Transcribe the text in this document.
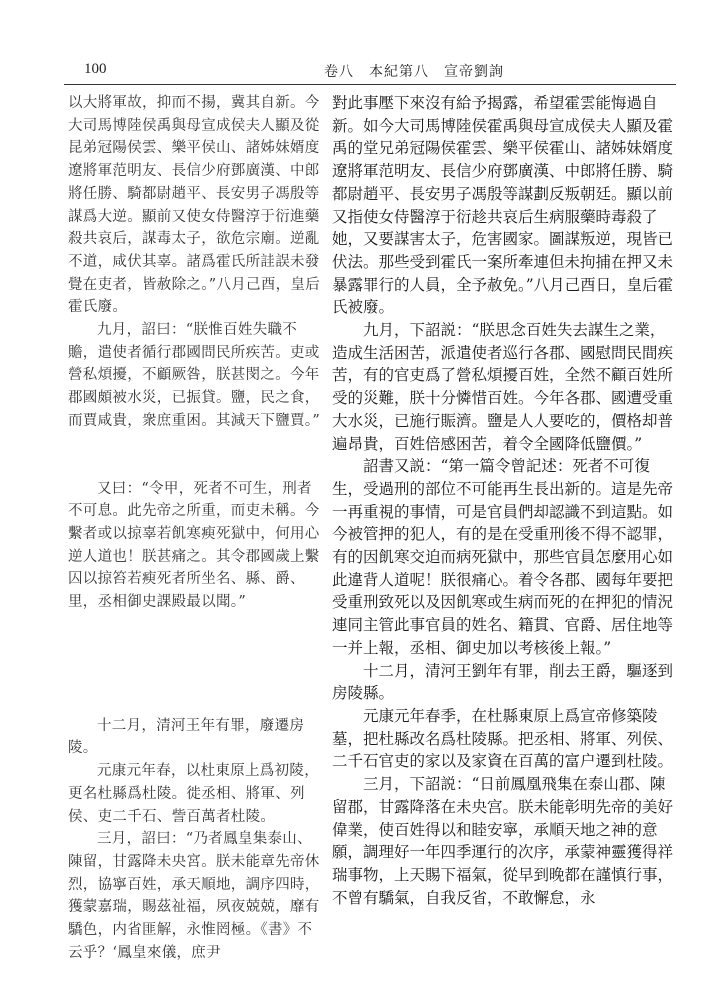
100	卷八　本紀第八　宣帝劉詢

以大將軍故，抑而不揚，冀其自新。今大司馬博陸侯禹與母宣成侯夫人顯及從昆弟冠陽侯雲、樂平侯山、諸姊妹婿度遼將軍范明友、長信少府鄧廣漢、中郎將任勝、騎都尉趙平、長安男子馮殷等謀爲大逆。顯前又使女侍醫淳于衍進藥殺共哀后，謀毒太子，欲危宗廟。逆亂不道，咸伏其辜。諸爲霍氏所詿誤未發覺在吏者，皆赦除之。”八月己酉，皇后霍氏廢。

九月，詔曰：“朕惟百姓失職不贍，遣使者循行郡國問民所疾苦。吏或營私煩擾，不顧厥咎，朕甚閔之。今年郡國頗被水災，已振貸。鹽，民之食，而賈咸貴，衆庶重困。其減天下鹽賈。”

又曰：“令甲，死者不可生，刑者不可息。此先帝之所重，而吏未稱。今繫者或以掠辜若飢寒瘐死獄中，何用心逆人道也！朕甚痛之。其令郡國歲上繫囚以掠笞若瘐死者所坐名、縣、爵、里，丞相御史課殿最以聞。”

十二月，清河王年有罪，廢遷房陵。

元康元年春，以杜東原上爲初陵，更名杜縣爲杜陵。徙丞相、將軍、列侯、吏二千石、訾百萬者杜陵。

三月，詔曰：“乃者鳳皇集泰山、陳留，甘露降未央宮。朕未能章先帝休烈，協寧百姓，承天順地，調序四時，獲蒙嘉瑞，賜茲祉福，夙夜兢兢，靡有驕色，内省匪解，永惟罔極。《書》不云乎？‘鳳皇來儀，庶尹

對此事壓下來沒有給予揭露，希望霍雲能悔過自新。如今大司馬博陸侯霍禹與母宣成侯夫人顯及霍禹的堂兄弟冠陽侯霍雲、樂平侯霍山、諸姊妹婿度遼將軍范明友、長信少府鄧廣漢、中郎將任勝、騎都尉趙平、長安男子馮殷等謀劃反叛朝廷。顯以前又指使女侍醫淳于衍趁共哀后生病服藥時毒殺了她，又要謀害太子，危害國家。圖謀叛逆，現皆已伏法。那些受到霍氏一案所牽連但未拘捕在押又未暴露罪行的人員，全予赦免。”八月己酉日，皇后霍氏被廢。

九月，下詔説：“朕思念百姓失去謀生之業，造成生活困苦，派遣使者巡行各郡、國慰問民間疾苦，有的官吏爲了營私煩擾百姓，全然不顧百姓所受的災難，朕十分憐惜百姓。今年各郡、國遭受重大水災，已施行賑濟。鹽是人人要吃的，價格却普遍昂貴，百姓倍感困苦，着令全國降低鹽價。”

詔書又説：“第一篇令曾記述：死者不可復生，受過刑的部位不可能再生長出新的。這是先帝一再重視的事情，可是官員們却認識不到這點。如今被管押的犯人，有的是在受重刑後不得不認罪，有的因飢寒交迫而病死獄中，那些官員怎麼用心如此違背人道呢！朕很痛心。着令各郡、國每年要把受重刑致死以及因飢寒或生病而死的在押犯的情況連同主管此事官員的姓名、籍貫、官爵、居住地等一并上報，丞相、御史加以考核後上報。”

十二月，清河王劉年有罪，削去王爵，驅逐到房陵縣。

元康元年春季，在杜縣東原上爲宣帝修築陵墓，把杜縣改名爲杜陵縣。把丞相、將軍、列侯、二千石官吏的家以及家資在百萬的富户遷到杜陵。

三月，下詔説：“日前鳳凰飛集在泰山郡、陳留郡，甘露降落在未央宫。朕未能彰明先帝的美好偉業，使百姓得以和睦安寧，承順天地之神的意願，調理好一年四季運行的次序，承蒙神靈獲得祥瑞事物，上天賜下福氣，從早到晚都在謹慎行事，不曾有驕氣，自我反省，不敢懈怠，永
